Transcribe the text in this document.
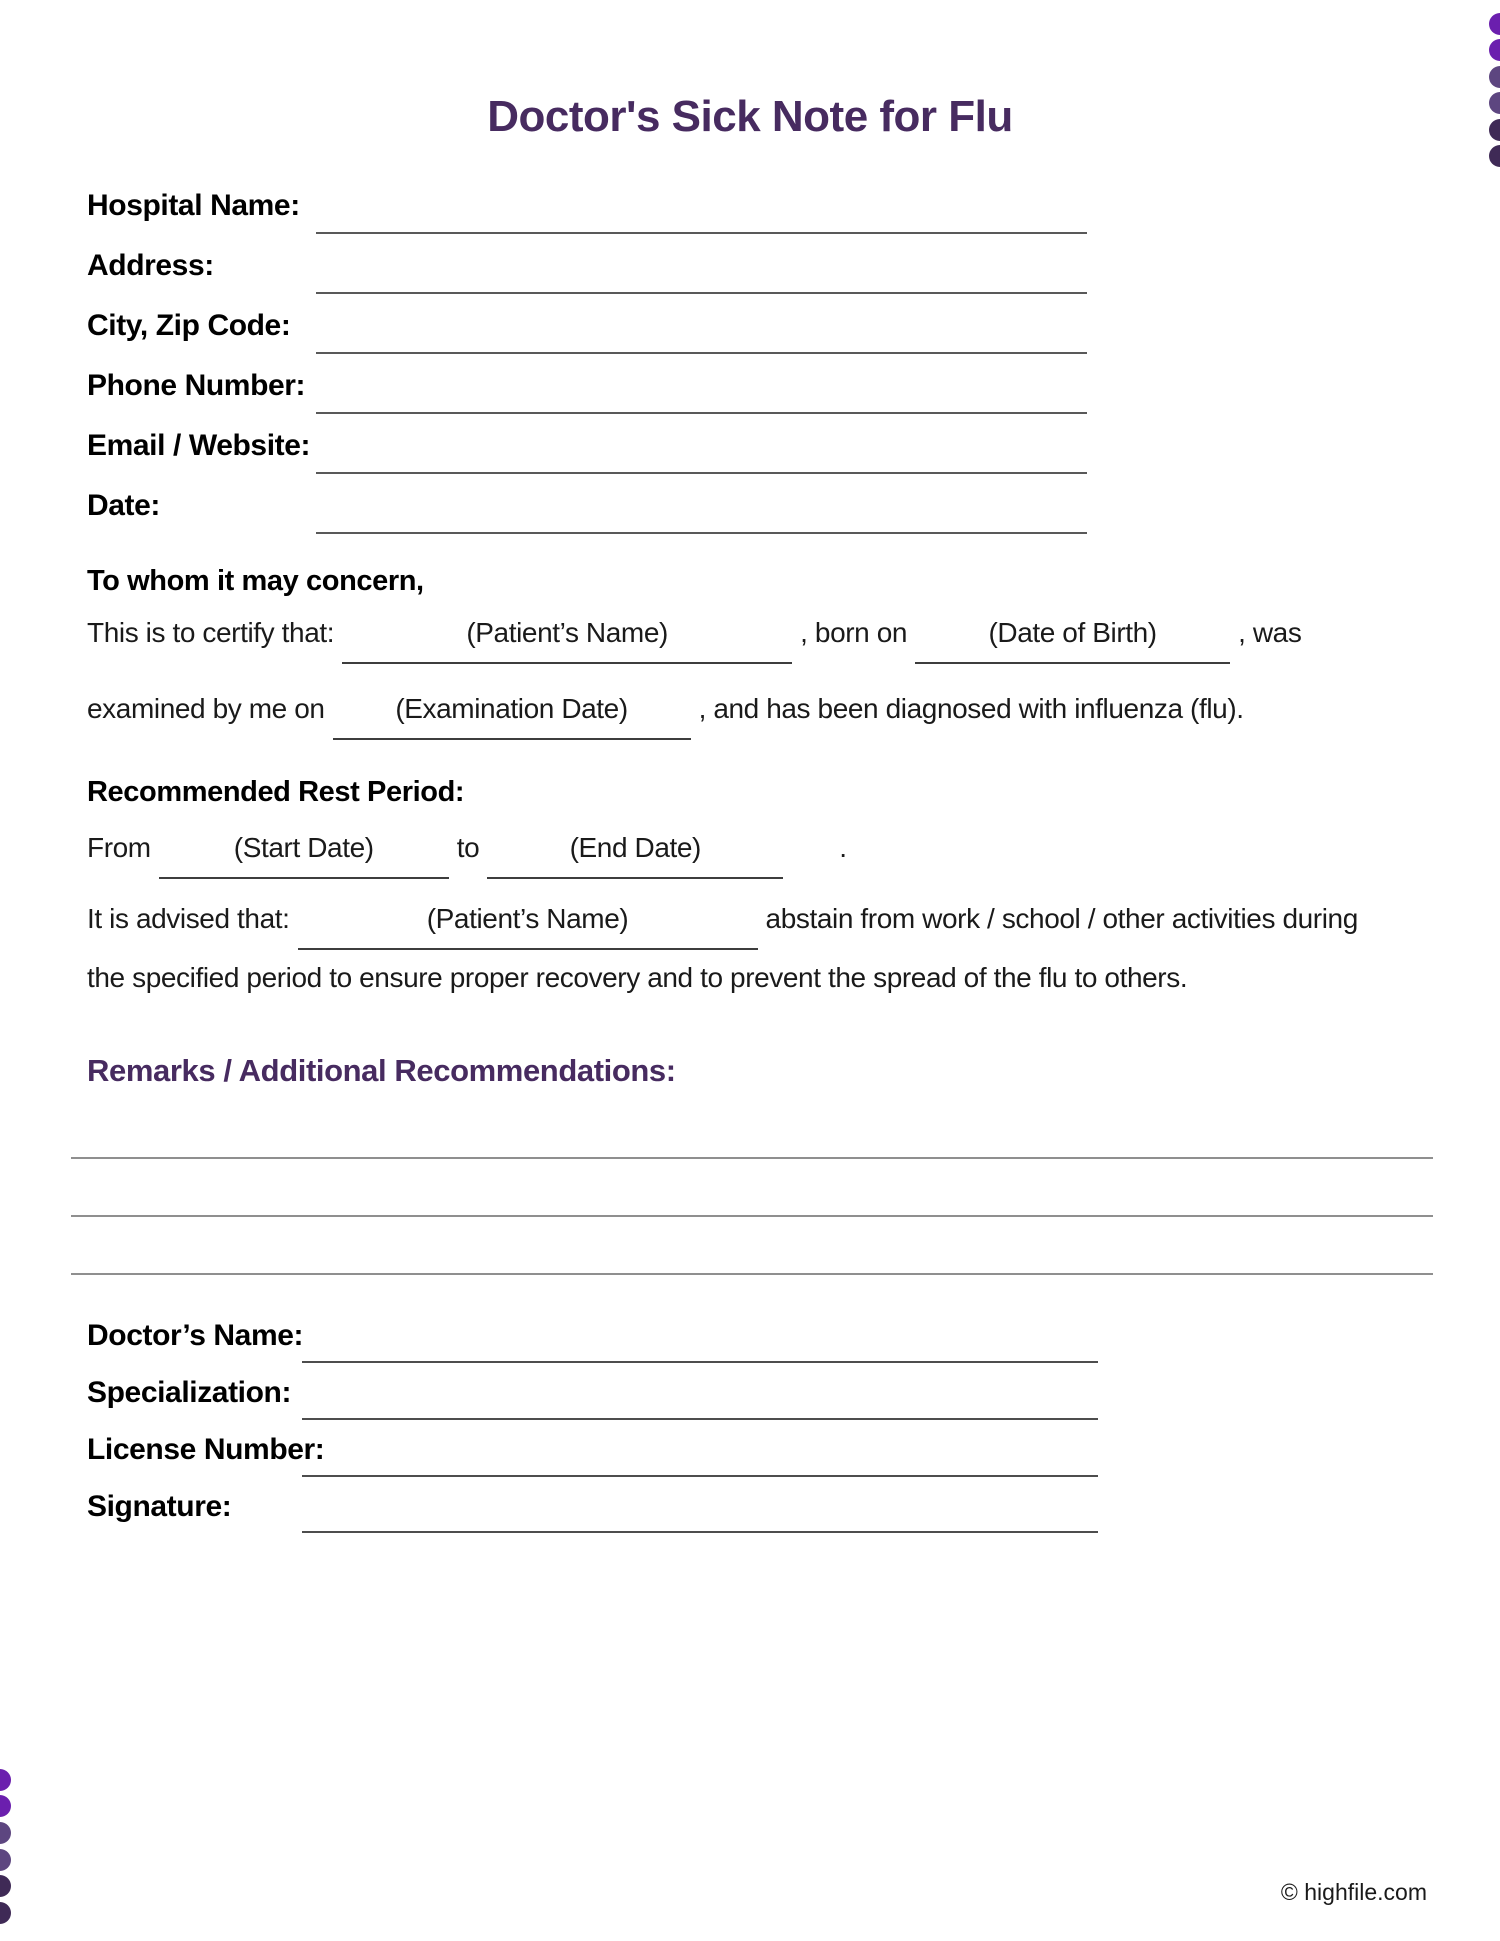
Doctor's Sick Note for Flu
Hospital Name:
Address:
City, Zip Code:
Phone Number:
Email / Website:
Date:
To whom it may concern,
This is to certify that:	(Patient’s Name)	, born on	(Date of Birth)	, was
examined by me on	(Examination Date)	, and has been diagnosed with influenza (flu).
Recommended Rest Period:
From	(Start Date)	to	(End Date)	.
It is advised that:	(Patient’s Name)	abstain from work / school / other activities during
the specified period to ensure proper recovery and to prevent the spread of the flu to others.
Remarks / Additional Recommendations:
Doctor’s Name:
Specialization:
License Number:
Signature:
© highfile.com
